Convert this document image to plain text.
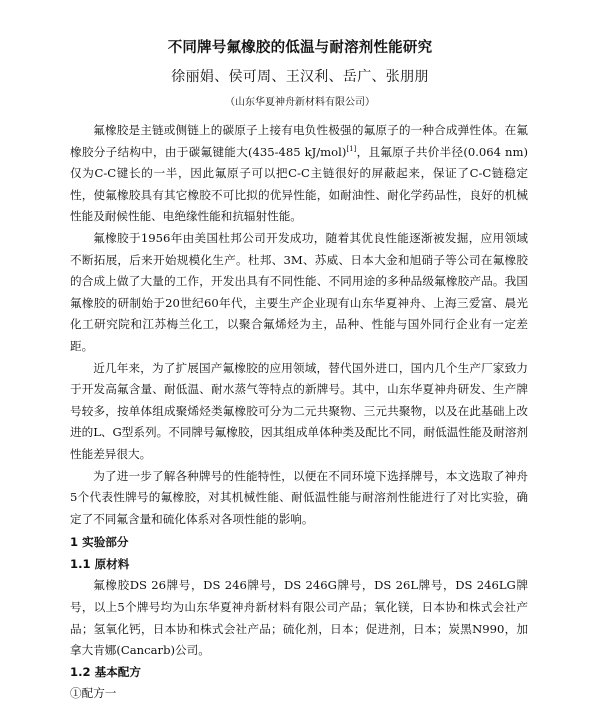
不同牌号氟橡胶的低温与耐溶剂性能研究
徐丽娟、侯可周、王汉利、岳广、张朋朋
（山东华夏神舟新材料有限公司）

氟橡胶是主链或侧链上的碳原子上接有电负性极强的氟原子的一种合成弹性体。在氟橡胶分子结构中，由于碳氟键能大(435-485 kJ/mol)[1]，且氟原子共价半径(0.064 nm)仅为C-C键长的一半，因此氟原子可以把C-C主链很好的屏蔽起来，保证了C-C链稳定性，使氟橡胶具有其它橡胶不可比拟的优异性能，如耐油性、耐化学药品性，良好的机械性能及耐候性能、电绝缘性能和抗辐射性能。

氟橡胶于1956年由美国杜邦公司开发成功，随着其优良性能逐渐被发掘，应用领域不断拓展，后来开始规模化生产。杜邦、3M、苏威、日本大金和旭硝子等公司在氟橡胶的合成上做了大量的工作，开发出具有不同性能、不同用途的多种品级氟橡胶产品。我国氟橡胶的研制始于20世纪60年代，主要生产企业现有山东华夏神舟、上海三爱富、晨光化工研究院和江苏梅兰化工，以聚合氟烯烃为主，品种、性能与国外同行企业有一定差距。

近几年来，为了扩展国产氟橡胶的应用领域，替代国外进口，国内几个生产厂家致力于开发高氟含量、耐低温、耐水蒸气等特点的新牌号。其中，山东华夏神舟研发、生产牌号较多，按单体组成聚烯烃类氟橡胶可分为二元共聚物、三元共聚物，以及在此基础上改进的L、G型系列。不同牌号氟橡胶，因其组成单体种类及配比不同，耐低温性能及耐溶剂性能差异很大。

为了进一步了解各种牌号的性能特性，以便在不同环境下选择牌号，本文选取了神舟5个代表性牌号的氟橡胶，对其机械性能、耐低温性能与耐溶剂性能进行了对比实验，确定了不同氟含量和硫化体系对各项性能的影响。

1 实验部分
1.1 原材料

氟橡胶DS 26牌号，DS 246牌号，DS 246G牌号，DS 26L牌号，DS 246LG牌号，以上5个牌号均为山东华夏神舟新材料有限公司产品；氧化镁，日本协和株式会社产品；氢氧化钙，日本协和株式会社产品；硫化剂，日本；促进剂，日本；炭黑N990，加拿大肯娜(Cancarb)公司。

1.2 基本配方
①配方一
